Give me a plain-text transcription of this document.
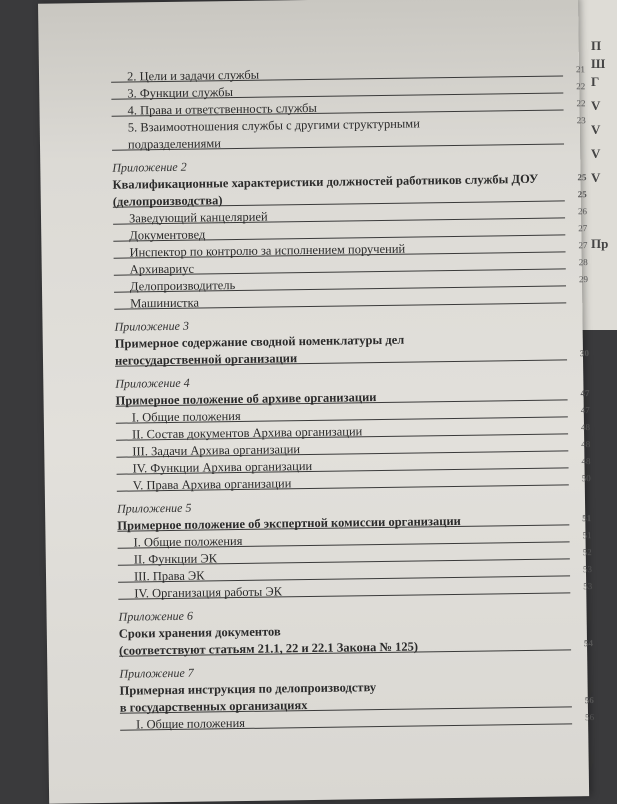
П
Ш
Г
V
V
V
V
Пр
2. Цели и задачи службы	21
3. Функции службы	22
4. Права и ответственность службы	22
5. Взаимоотношения службы с другими структурными	23
подразделениями
Приложение 2
Квалификационные характеристики должностей работников службы ДОУ	25
(делопроизводства)	25
Заведующий канцелярией	26
Документовед	27
Инспектор по контролю за исполнением поручений	27
Архивариус	28
Делопроизводитель	29
Машинистка
Приложение 3
Примерное содержание сводной номенклатуры дел
негосударственной организации	30
Приложение 4
Примерное положение об архиве организации	47
I. Общие положения	47
II. Состав документов Архива организации	48
III. Задачи Архива организации	48
IV. Функции Архива организации	48
V. Права Архива организации	50
Приложение 5
Примерное положение об экспертной комиссии организации	51
I. Общие положения	51
II. Функции ЭК	52
III. Права ЭК	53
IV. Организация работы ЭК	53
Приложение 6
Сроки хранения документов
(соответствуют статьям 21.1, 22 и 22.1 Закона № 125)	54
Приложение 7
Примерная инструкция по делопроизводству
в государственных организациях	56
I. Общие положения	56
